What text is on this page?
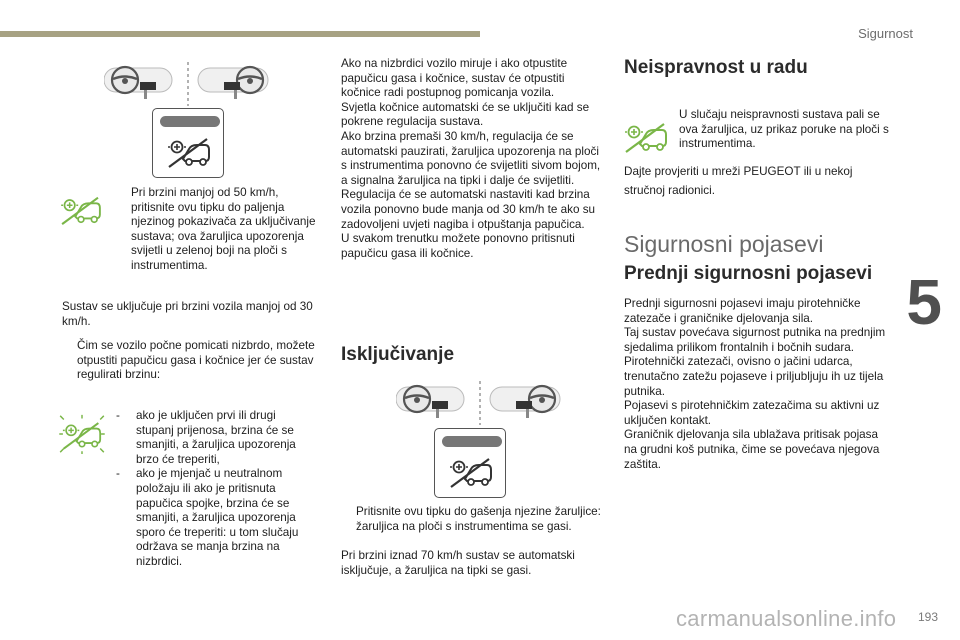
Sigurnost
5
193
carmanualsonline.info
Pri brzini manjoj od 50 km/h, pritisnite ovu tipku do paljenja njezinog pokazivača za uključivanje sustava; ova žaruljica upozorenja svijetli u zelenoj boji na ploči s instrumentima.
Sustav se uključuje pri brzini vozila manjoj od 30 km/h.
Čim se vozilo počne pomicati nizbrdo, možete otpustiti papučicu gasa i kočnice jer će sustav regulirati brzinu:
-	ako je uključen prvi ili drugi stupanj prijenosa, brzina će se smanjiti, a žaruljica upozorenja brzo će treperiti,
-	ako je mjenjač u neutralnom položaju ili ako je pritisnuta papučica spojke, brzina će se smanjiti, a žaruljica upozorenja sporo će treperiti: u tom slučaju održava se manja brzina na nizbrdici.
Ako na nizbrdici vozilo miruje i ako otpustite papučicu gasa i kočnice, sustav će otpustiti kočnice radi postupnog pomicanja vozila.
Svjetla kočnice automatski će se uključiti kad se pokrene regulacija sustava.
Ako brzina premaši 30 km/h, regulacija će se automatski pauzirati, žaruljica upozorenja na ploči s instrumentima ponovno će svijetliti sivom bojom, a signalna žaruljica na tipki i dalje će svijetliti.
Regulacija će se automatski nastaviti kad brzina vozila ponovno bude manja od 30 km/h te ako su zadovoljeni uvjeti nagiba i otpuštanja papučica.
U svakom trenutku možete ponovno pritisnuti papučicu gasa ili kočnice.
Isključivanje
Pritisnite ovu tipku do gašenja njezine žaruljice: žaruljica na ploči s instrumentima se gasi.
Pri brzini iznad 70 km/h sustav se automatski isključuje, a žaruljica na tipki se gasi.
Neispravnost u radu
U slučaju neispravnosti sustava pali se ova žaruljica, uz prikaz poruke na ploči s instrumentima.
Dajte provjeriti u mreži PEUGEOT ili u nekoj stručnoj radionici.
Sigurnosni pojasevi
Prednji sigurnosni pojasevi
Prednji sigurnosni pojasevi imaju pirotehničke zatezače i graničnike djelovanja sila.
Taj sustav povećava sigurnost putnika na prednjim sjedalima prilikom frontalnih i bočnih sudara. Pirotehnički zatezači, ovisno o jačini udarca, trenutačno zatežu pojaseve i priljubljuju ih uz tijela putnika.
Pojasevi s pirotehničkim zatezačima su aktivni uz uključen kontakt.
Graničnik djelovanja sila ublažava pritisak pojasa na grudni koš putnika, čime se povećava njegova zaštita.
